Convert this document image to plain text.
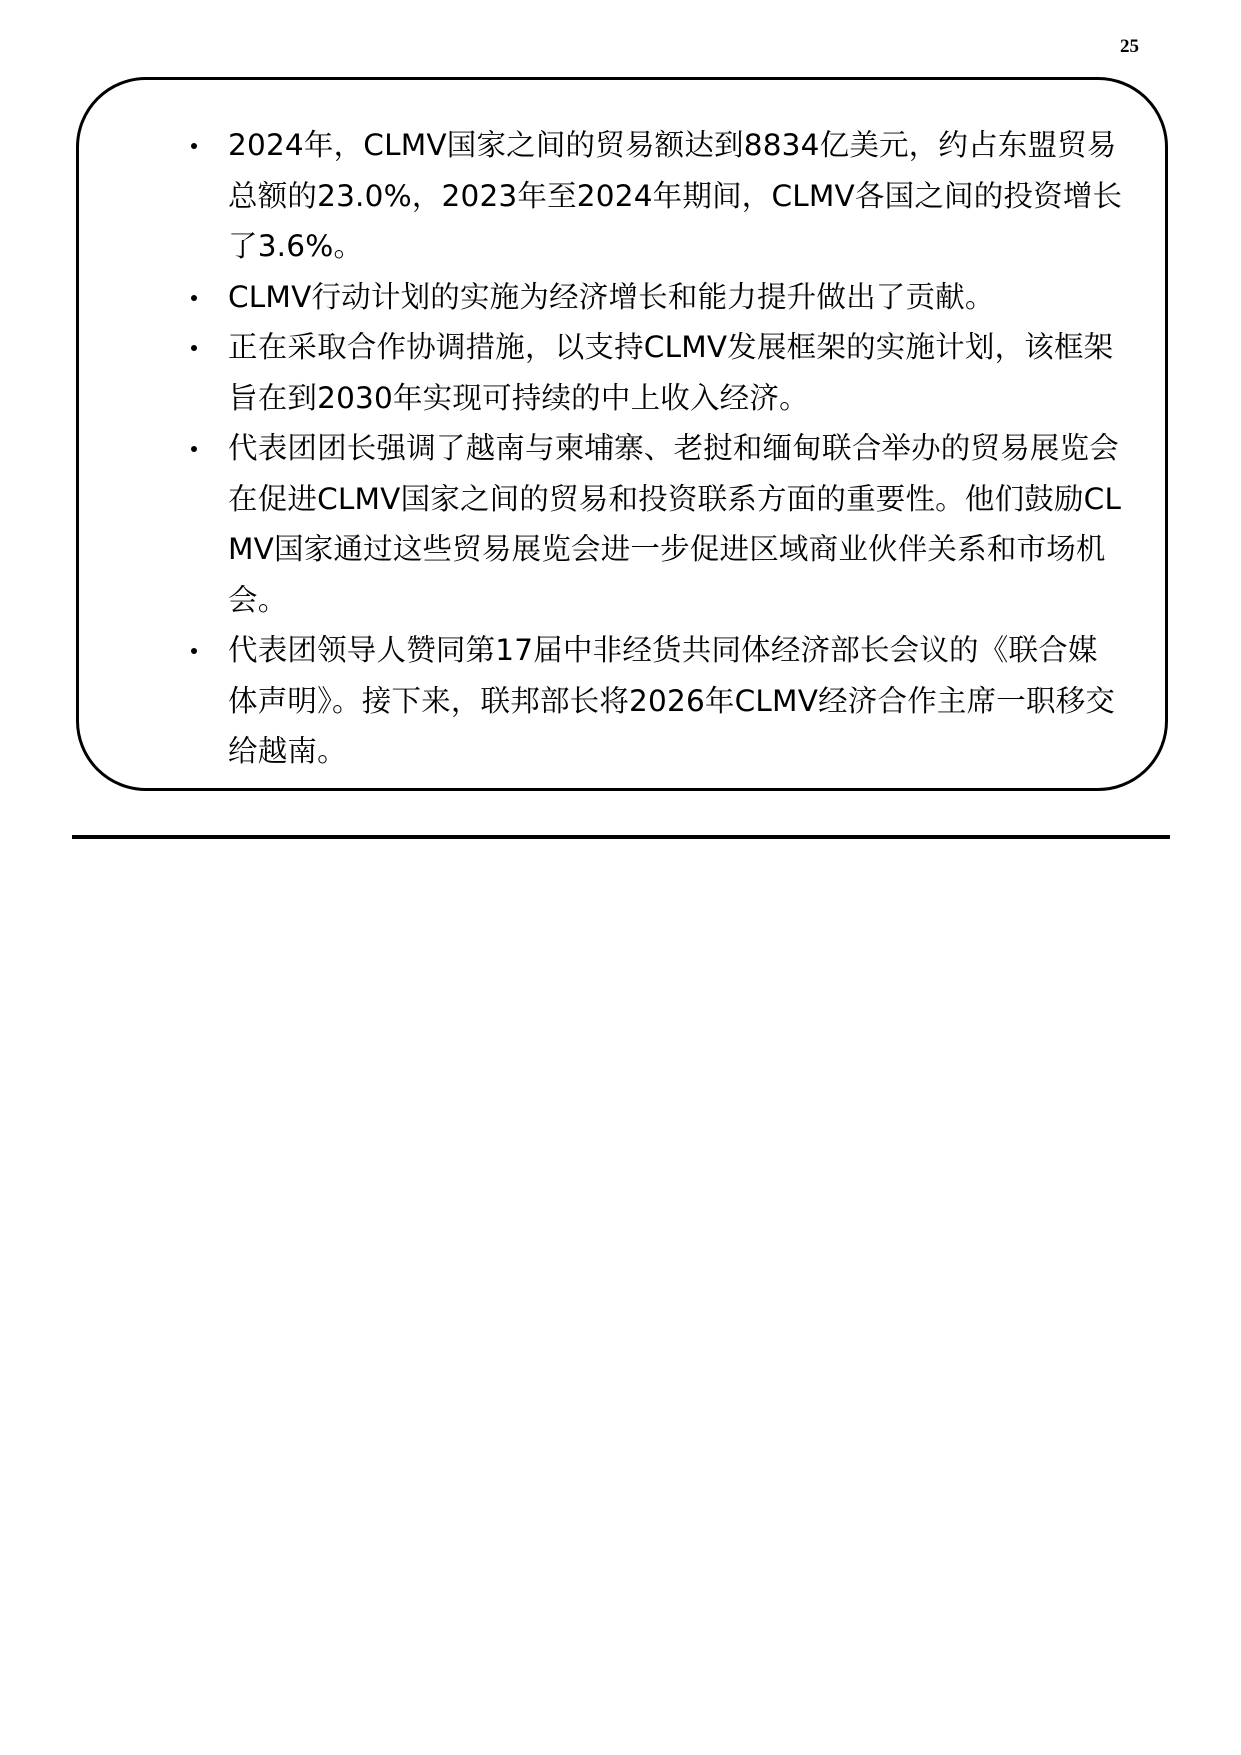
25
2024年，CLMV国家之间的贸易额达到8834亿美元，约占东盟贸易总额的23.0%，2023年至2024年期间，CLMV各国之间的投资增长了3.6%。
CLMV行动计划的实施为经济增长和能力提升做出了贡献。
正在采取合作协调措施，以支持CLMV发展框架的实施计划，该框架旨在到2030年实现可持续的中上收入经济。
代表团团长强调了越南与柬埔寨、老挝和缅甸联合举办的贸易展览会在促进CLMV国家之间的贸易和投资联系方面的重要性。他们鼓励CLMV国家通过这些贸易展览会进一步促进区域商业伙伴关系和市场机会。
代表团领导人赞同第17届中非经货共同体经济部长会议的《联合媒体声明》。接下来，联邦部长将2026年CLMV经济合作主席一职移交给越南。
